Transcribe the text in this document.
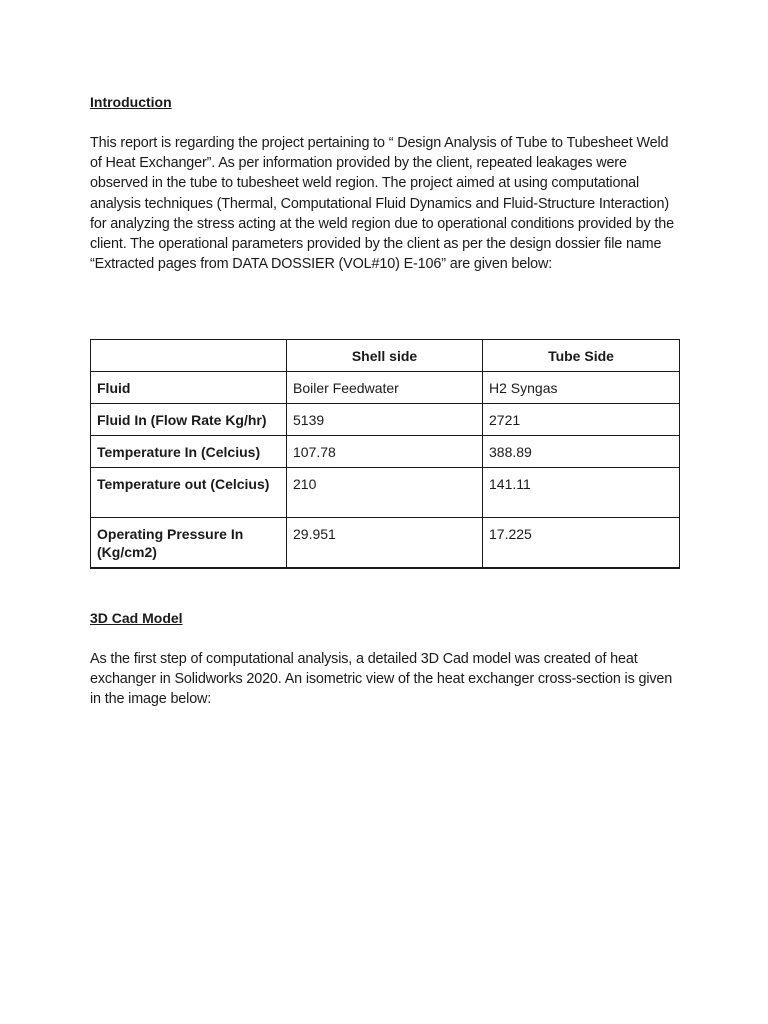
Introduction
This report is regarding the project pertaining to “ Design Analysis of Tube to Tubesheet Weld of Heat Exchanger”. As per information provided by the client, repeated leakages were observed in the tube to tubesheet weld region. The project aimed at using computational analysis techniques (Thermal, Computational Fluid Dynamics and Fluid-Structure Interaction) for analyzing the stress acting at the weld region due to operational conditions provided by the client. The operational parameters provided by the client as per the design dossier file name “Extracted pages from DATA DOSSIER (VOL#10) E-106” are given below:
	Shell side	Tube Side
Fluid	Boiler Feedwater	H2 Syngas
Fluid In (Flow Rate Kg/hr)	5139	2721
Temperature In (Celcius)	107.78	388.89
Temperature out (Celcius)	210	141.11
Operating Pressure In (Kg/cm2)	29.951	17.225
3D Cad Model
As the first step of computational analysis, a detailed 3D Cad model was created of heat exchanger in Solidworks 2020. An isometric view of the heat exchanger cross-section is given in the image below:
